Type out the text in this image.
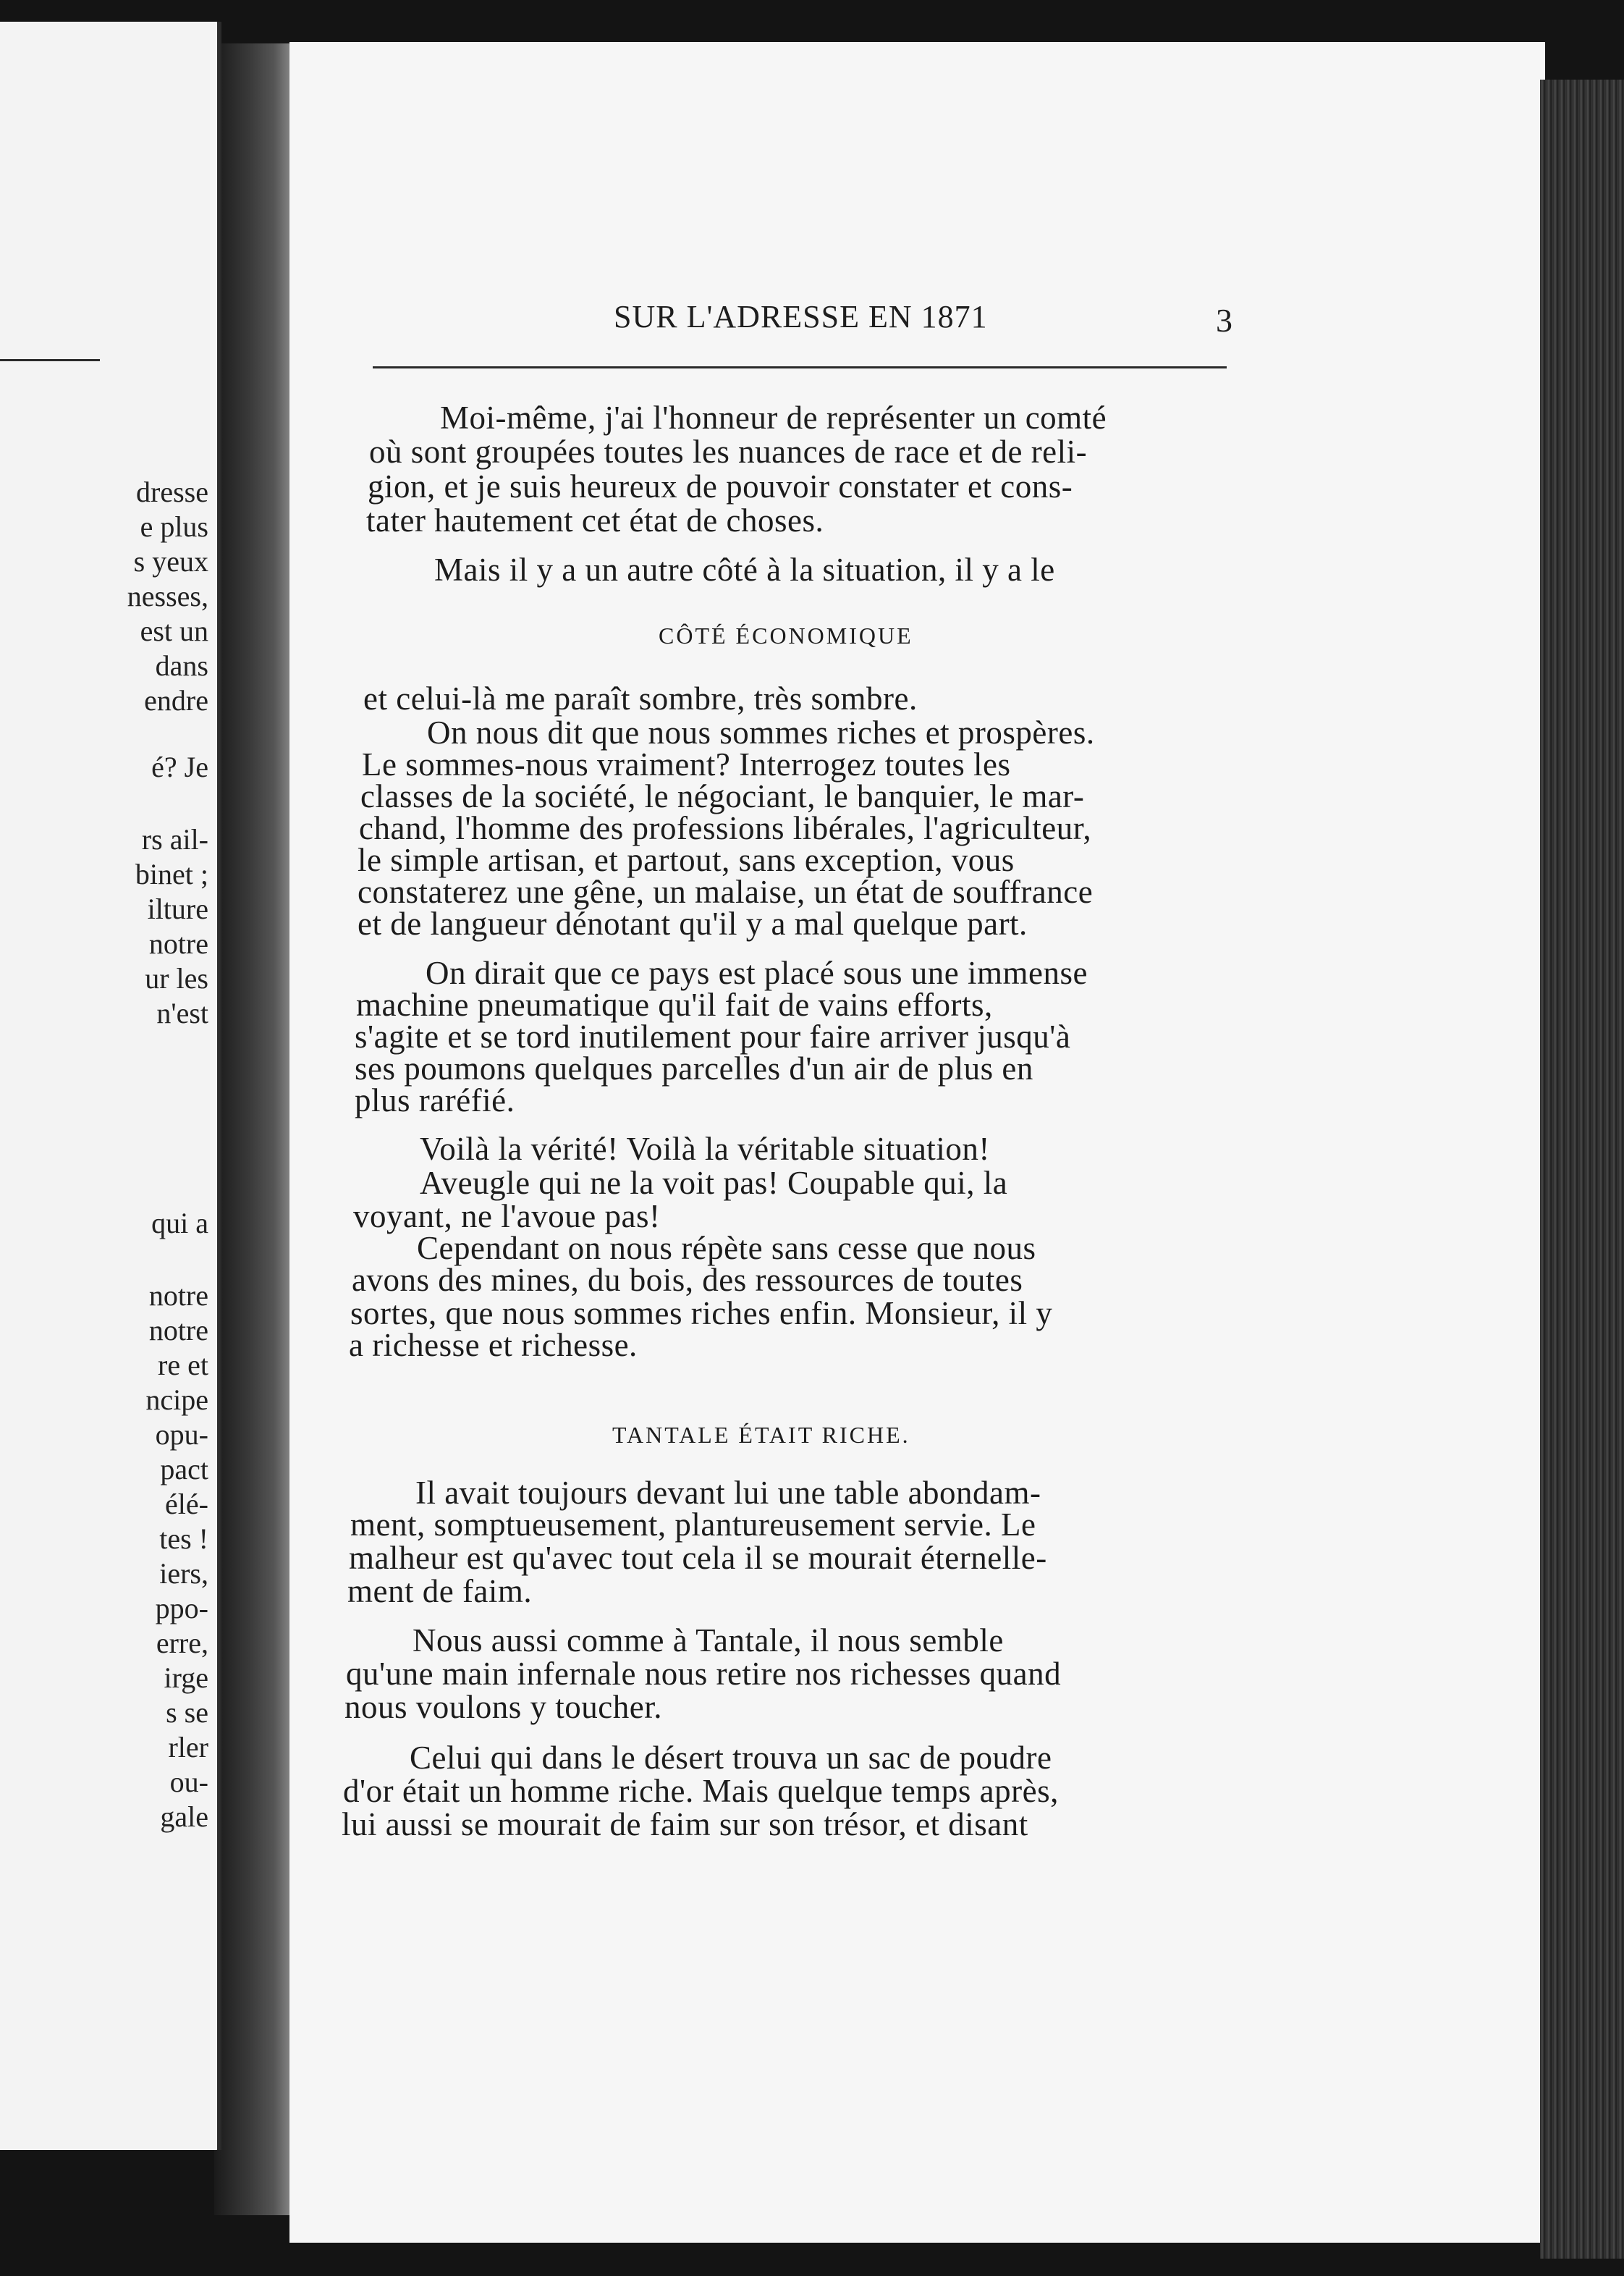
dresse
e plus
s yeux
nesses,
est un
dans
endre
é? Je
rs ail-
binet ;
ilture
notre
ur les
n'est
qui a
notre
notre
re et
ncipe
opu-
pact
élé-
tes !
iers,
ppo-
erre,
irge
s se
rler
ou-
gale
SUR L'ADRESSE EN 1871	3
Moi-même, j'ai l'honneur de représenter un comté
où sont groupées toutes les nuances de race et de reli-
gion, et je suis heureux de pouvoir constater et cons-
tater hautement cet état de choses.
Mais il y a un autre côté à la situation, il y a le
CÔTÉ ÉCONOMIQUE
et celui-là me paraît sombre, très sombre.
On nous dit que nous sommes riches et prospères.
Le sommes-nous vraiment? Interrogez toutes les
classes de la société, le négociant, le banquier, le mar-
chand, l'homme des professions libérales, l'agriculteur,
le simple artisan, et partout, sans exception, vous
constaterez une gêne, un malaise, un état de souffrance
et de langueur dénotant qu'il y a mal quelque part.
On dirait que ce pays est placé sous une immense
machine pneumatique qu'il fait de vains efforts,
s'agite et se tord inutilement pour faire arriver jusqu'à
ses poumons quelques parcelles d'un air de plus en
plus raréfié.
Voilà la vérité! Voilà la véritable situation!
Aveugle qui ne la voit pas! Coupable qui, la
voyant, ne l'avoue pas!
Cependant on nous répète sans cesse que nous
avons des mines, du bois, des ressources de toutes
sortes, que nous sommes riches enfin. Monsieur, il y
a richesse et richesse.
TANTALE ÉTAIT RICHE.
Il avait toujours devant lui une table abondam-
ment, somptueusement, plantureusement servie. Le
malheur est qu'avec tout cela il se mourait éternelle-
ment de faim.
Nous aussi comme à Tantale, il nous semble
qu'une main infernale nous retire nos richesses quand
nous voulons y toucher.
Celui qui dans le désert trouva un sac de poudre
d'or était un homme riche. Mais quelque temps après,
lui aussi se mourait de faim sur son trésor, et disant
